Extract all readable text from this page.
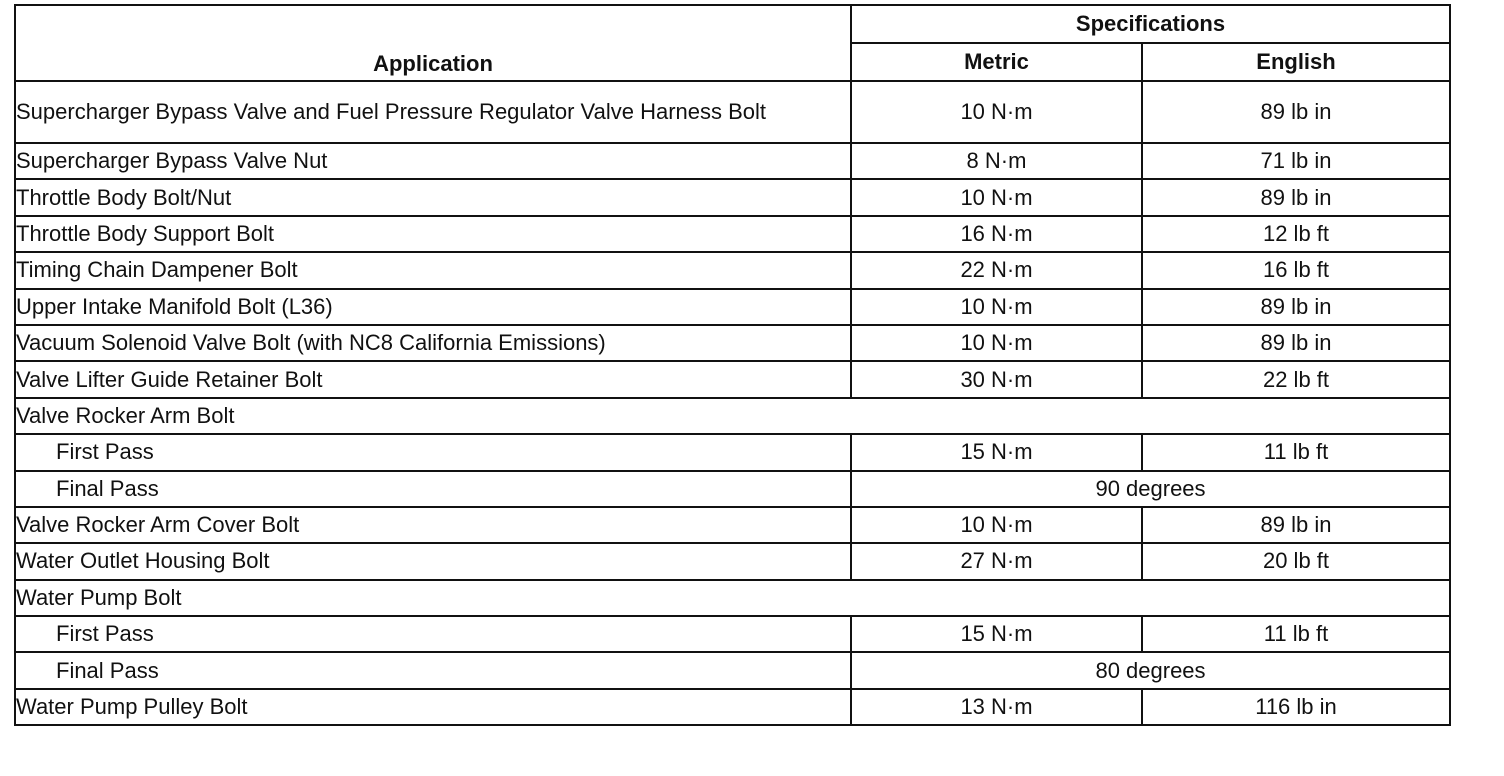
Application	Specifications	
	Metric	English
Supercharger Bypass Valve and Fuel Pressure Regulator Valve Harness Bolt	10 N·m	89 lb in
Supercharger Bypass Valve Nut	8 N·m	71 lb in
Throttle Body Bolt/Nut	10 N·m	89 lb in
Throttle Body Support Bolt	16 N·m	12 lb ft
Timing Chain Dampener Bolt	22 N·m	16 lb ft
Upper Intake Manifold Bolt (L36)	10 N·m	89 lb in
Vacuum Solenoid Valve Bolt (with NC8 California Emissions)	10 N·m	89 lb in
Valve Lifter Guide Retainer Bolt	30 N·m	22 lb ft
Valve Rocker Arm Bolt		
First Pass	15 N·m	11 lb ft
Final Pass	90 degrees	
Valve Rocker Arm Cover Bolt	10 N·m	89 lb in
Water Outlet Housing Bolt	27 N·m	20 lb ft
Water Pump Bolt		
First Pass	15 N·m	11 lb ft
Final Pass	80 degrees	
Water Pump Pulley Bolt	13 N·m	116 lb in
